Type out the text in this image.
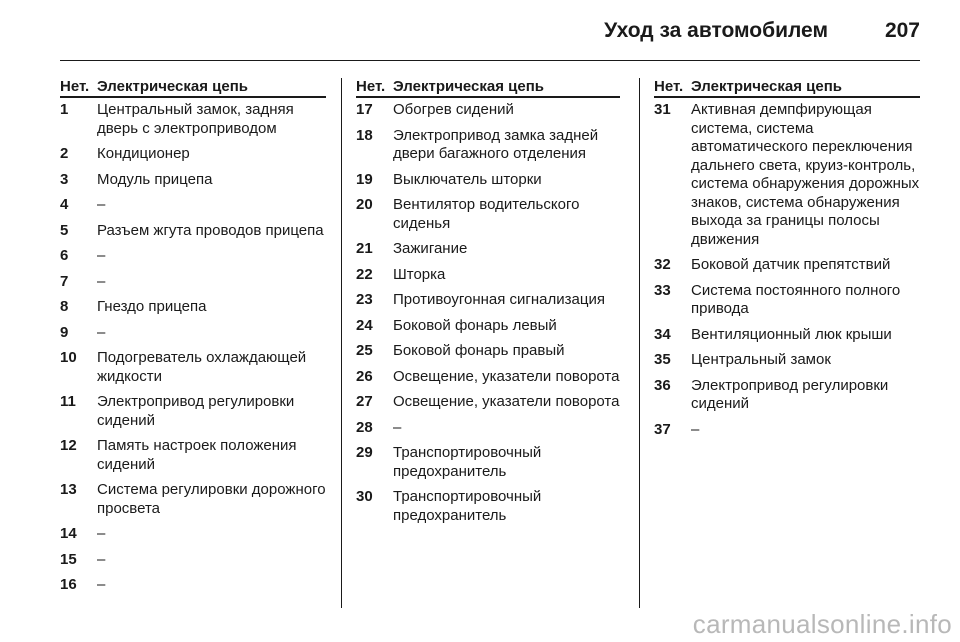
Уход за автомобилем	207
Нет. Электрическая цепь
1	Центральный замок, задняя дверь с электроприводом
2	Кондиционер
3	Модуль прицепа
4	–
5	Разъем жгута проводов прицепа
6	–
7	–
8	Гнездо прицепа
9	–
10	Подогреватель охлаждающей жидкости
11	Электропривод регулировки сидений
12	Память настроек положения сидений
13	Система регулировки дорожного просвета
14	–
15	–
16	–
Нет. Электрическая цепь
17	Обогрев сидений
18	Электропривод замка задней двери багажного отделения
19	Выключатель шторки
20	Вентилятор водительского сиденья
21	Зажигание
22	Шторка
23	Противоугонная сигнализация
24	Боковой фонарь левый
25	Боковой фонарь правый
26	Освещение, указатели поворота
27	Освещение, указатели поворота
28	–
29	Транспортировочный предохранитель
30	Транспортировочный предохранитель
Нет. Электрическая цепь
31	Активная демпфирующая система, система автоматического переключения дальнего света, круиз-контроль, система обнаружения дорожных знаков, система обнаружения выхода за границы полосы движения
32	Боковой датчик препятствий
33	Система постоянного полного привода
34	Вентиляционный люк крыши
35	Центральный замок
36	Электропривод регулировки сидений
37	–
carmanualsonline.info
